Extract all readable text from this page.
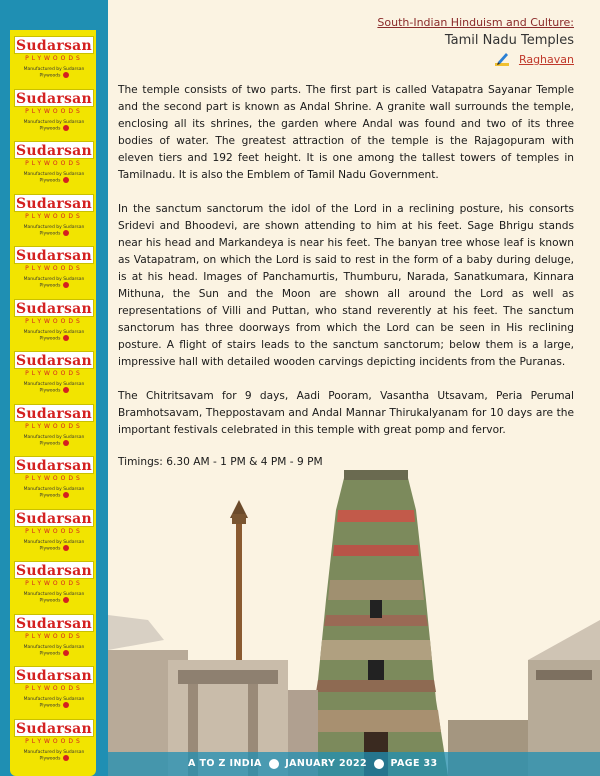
Sudarsan
PLYWOODS
Manufactured by Sudarsan Plywoods
Sudarsan
PLYWOODS
Manufactured by Sudarsan Plywoods
Sudarsan
PLYWOODS
Manufactured by Sudarsan Plywoods
Sudarsan
PLYWOODS
Manufactured by Sudarsan Plywoods
Sudarsan
PLYWOODS
Manufactured by Sudarsan Plywoods
Sudarsan
PLYWOODS
Manufactured by Sudarsan Plywoods
Sudarsan
PLYWOODS
Manufactured by Sudarsan Plywoods
Sudarsan
PLYWOODS
Manufactured by Sudarsan Plywoods
Sudarsan
PLYWOODS
Manufactured by Sudarsan Plywoods
Sudarsan
PLYWOODS
Manufactured by Sudarsan Plywoods
Sudarsan
PLYWOODS
Manufactured by Sudarsan Plywoods
Sudarsan
PLYWOODS
Manufactured by Sudarsan Plywoods
Sudarsan
PLYWOODS
Manufactured by Sudarsan Plywoods
Sudarsan
PLYWOODS
Manufactured by Sudarsan Plywoods
South-Indian Hinduism and Culture:
Tamil Nadu Temples
Raghavan

The temple consists of two parts. The first part is called Vatapatra Sayanar Temple and the second part is known as Andal Shrine. A granite wall surrounds the temple, enclosing all its shrines, the garden where Andal was found and two of its three bodies of water. The greatest attraction of the temple is the Rajagopuram with eleven tiers and 192 feet height. It is one among the tallest towers of temples in Tamilnadu. It is also the Emblem of Tamil Nadu Government.

In the sanctum sanctorum the idol of the Lord in a reclining posture, his consorts Sridevi and Bhoodevi, are shown attending to him at his feet. Sage Bhrigu stands near his head and Markandeya is near his feet. The banyan tree whose leaf is known as Vatapatram, on which the Lord is said to rest in the form of a baby during deluge, is at his head. Images of Panchamurtis, Thumburu, Narada, Sanatkumara, Kinnara Mithuna, the Sun and the Moon are shown all around the Lord as well as representations of Villi and Puttan, who stand reverently at his feet. The sanctum sanctorum has three doorways from which the Lord can be seen in His reclining posture. A flight of stairs leads to the sanctum sanctorum; below them is a large, impressive hall with detailed wooden carvings depicting incidents from the Puranas.

The Chitritsavam for 9 days, Aadi Pooram, Vasantha Utsavam, Peria Perumal Bramhotsavam, Theppostavam and Andal Mannar Thirukalyanam for 10 days are the important festivals celebrated in this temple with great pomp and fervor.

Timings: 6.30 AM - 1 PM & 4 PM - 9 PM

A TO Z INDIA JANUARY 2022 PAGE 33
